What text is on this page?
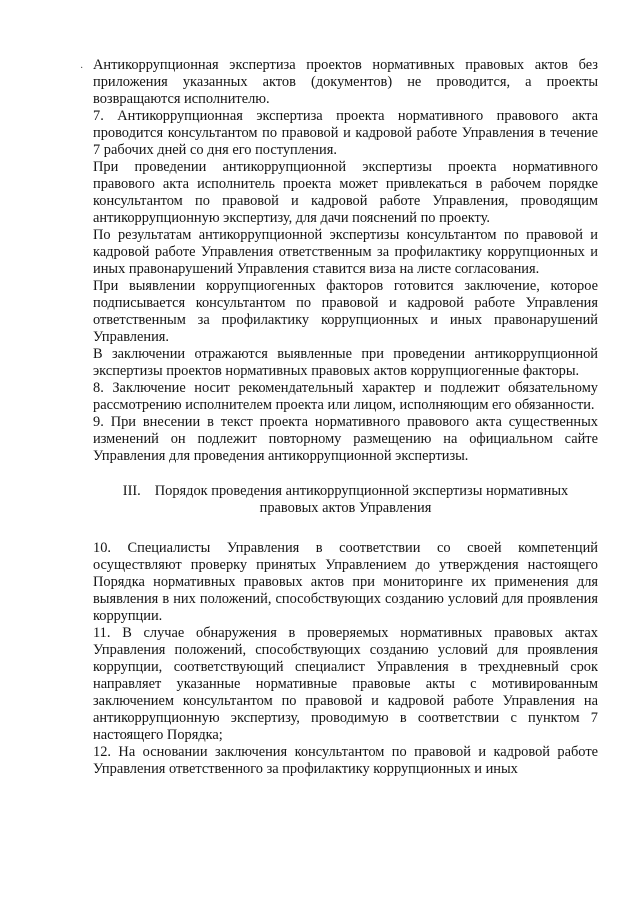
· Антикоррупционная экспертиза проектов нормативных правовых актов без приложения указанных актов (документов) не проводится, а проекты возвращаются исполнителю.

7. Антикоррупционная экспертиза проекта нормативного правового акта проводится консультантом по правовой и кадровой работе Управления в течение 7 рабочих дней со дня его поступления.

При проведении антикоррупционной экспертизы проекта нормативного правового акта исполнитель проекта может привлекаться в рабочем порядке консультантом по правовой и кадровой работе Управления, проводящим антикоррупционную экспертизу, для дачи пояснений по проекту.

По результатам антикоррупционной экспертизы консультантом по правовой и кадровой работе Управления ответственным за профилактику коррупционных и иных правонарушений Управления ставится виза на листе согласования.

При выявлении коррупциогенных факторов готовится заключение, которое подписывается консультантом по правовой и кадровой работе Управления ответственным за профилактику коррупционных и иных правонарушений Управления.

В заключении отражаются выявленные при проведении антикоррупционной экспертизы проектов нормативных правовых актов коррупциогенные факторы.

8. Заключение носит рекомендательный характер и подлежит обязательному рассмотрению исполнителем проекта или лицом, исполняющим его обязанности.

9. При внесении в текст проекта нормативного правового акта существенных изменений он подлежит повторному размещению на официальном сайте Управления для проведения антикоррупционной экспертизы.

III. Порядок проведения антикоррупционной экспертизы нормативных правовых актов Управления

10. Специалисты Управления в соответствии со своей компетенций осуществляют проверку принятых Управлением до утверждения настоящего Порядка нормативных правовых актов при мониторинге их применения для выявления в них положений, способствующих созданию условий для проявления коррупции.

11. В случае обнаружения в проверяемых нормативных правовых актах Управления положений, способствующих созданию условий для проявления коррупции, соответствующий специалист Управления в трехдневный срок направляет указанные нормативные правовые акты с мотивированным заключением консультантом по правовой и кадровой работе Управления на антикоррупционную экспертизу, проводимую в соответствии с пунктом 7 настоящего Порядка;

12. На основании заключения консультантом по правовой и кадровой работе Управления ответственного за профилактику коррупционных и иных
